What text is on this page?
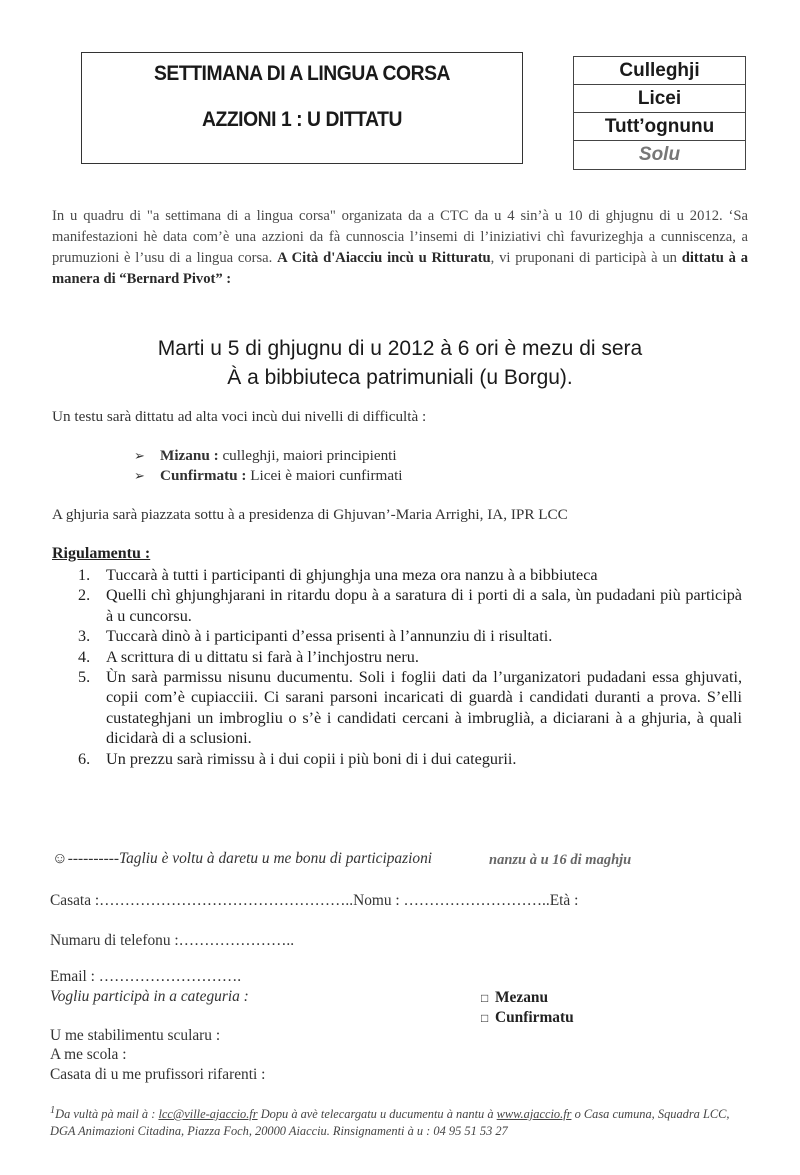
SETTIMANA DI A LINGUA CORSA
AZZIONI 1 : U DITTATU
Culleghji
Licei
Tutt’ognunu
Solu
In u quadru di "a settimana di a lingua corsa" organizata da a CTC da u 4 sin’à u 10 di ghjugnu di u 2012. ‘Sa manifestazioni hè data com’è una azzioni da fà cunnoscia l’insemi di l’iniziativi chì favurizeghja a cunniscenza, a prumuzioni è l’usu di a lingua corsa. A Cità d'Aiacciu incù u Ritturatu, vi pruponani di participà à un dittatu à a manera di “Bernard Pivot” :
Marti u 5 di ghjugnu di u 2012 à 6 ori è mezu di sera
À a bibbiuteca patrimuniali (u Borgu).
Un testu sarà dittatu ad alta voci incù dui nivelli di difficultà :
➢ Mizanu : culleghji, maiori principienti
➢ Cunfirmatu : Licei è maiori cunfirmati
A ghjuria sarà piazzata sottu à a presidenza di Ghjuvan’-Maria Arrighi, IA, IPR LCC
Rigulamentu :
1. Tuccarà à tutti i participanti di ghjunghja una meza ora nanzu à a bibbiuteca
2. Quelli chì ghjunghjarani in ritardu dopu à a saratura di i porti di a sala, ùn pudadani più participà à u cuncorsu.
3. Tuccarà dinò à i participanti d’essa prisenti à l’annunziu di i risultati.
4. A scrittura di u dittatu si farà à l’inchjostru neru.
5. Ùn sarà parmissu nisunu ducumentu. Soli i foglii dati da l’urganizatori pudadani essa ghjuvati, copii com’è cupiacciii. Ci sarani parsoni incaricati di guardà i candidati duranti a prova. S’elli custateghjani un imbrogliu o s’è i candidati cercani à imbruglià, a diciarani à a ghjuria, à quali dicidarà di a sclusioni.
6. Un prezzu sarà rimissu à i dui copii i più boni di i dui categurii.
☺----------Tagliu è voltu à daretu u me bonu di participazioni	nanzu à u 16 di maghju
Casata :…………………………………………..Nomu : ………………………..Età :
Numaru di telefonu :…………………..
Email : ……………………….
Vogliu participà in a categuria :	□ Mezanu
□ Cunfirmatu
U me stabilimentu scularu :
A me scola :
Casata di u me prufissori rifarenti :
$^1$Da vultà pà mail à : lcc@ville-ajaccio.fr Dopu à avè telecargatu u ducumentu à nantu à www.ajaccio.fr o Casa cumuna, Squadra LCC, DGA Animazioni Citadina, Piazza Foch, 20000 Aiacciu. Rinsignamenti à u : 04 95 51 53 27
